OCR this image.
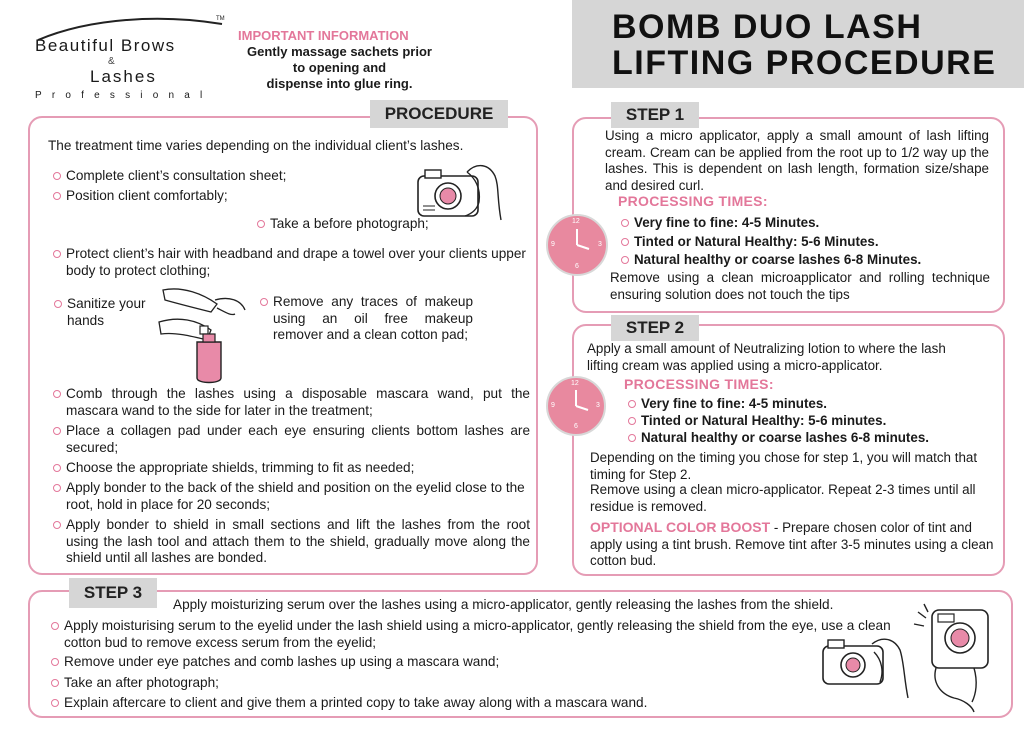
TM
Beautiful Brows
&
Lashes
Professional
IMPORTANT INFORMATION
Gently massage sachets prior
to opening and
dispense into glue ring.
BOMB DUO LASH
LIFTING PROCEDURE
PROCEDURE
The treatment time varies depending on the individual client’s lashes.
Complete client’s consultation sheet;
Position client comfortably;
Take a before photograph;
Protect client’s hair with headband and drape a towel over your clients upper body to protect clothing;
Sanitize your hands
Remove any traces of makeup using an oil free makeup remover and a clean cotton pad;
Comb through the lashes using a disposable mascara wand, put the mascara wand to the side for later in the treatment;
Place a collagen pad under each eye ensuring clients bottom lashes are secured;
Choose the appropriate shields, trimming to fit as needed;
Apply bonder to the back of the shield and position on the eyelid close to the root, hold in place for 20 seconds;
Apply bonder to shield in small sections and lift the lashes from the root using the lash tool and attach them to the shield, gradually move along the shield until all lashes are bonded.
STEP 1
Using a micro applicator, apply a small amount of lash lifting cream. Cream can be applied from the root up to 1/2 way up the lashes. This is dependent on lash length, formation size/shape and desired curl.
PROCESSING TIMES:
Very fine to fine: 4-5 Minutes.
Tinted or Natural Healthy: 5-6 Minutes.
Natural healthy or coarse lashes 6-8 Minutes.
Remove using a clean microapplicator and rolling technique ensuring solution does not touch the tips
12
3
6
9
STEP 2
Apply a small amount of Neutralizing lotion to where the lash lifting cream was applied using a micro-applicator.
PROCESSING TIMES:
Very fine to fine: 4-5 minutes.
Tinted or Natural Healthy: 5-6 minutes.
Natural healthy or coarse lashes 6-8 minutes.
Depending on the timing you chose for step 1, you will match that timing for Step 2.
Remove using a clean micro-applicator. Repeat 2-3 times until all residue is removed.
OPTIONAL COLOR BOOST - Prepare chosen color of tint and apply using a tint brush. Remove tint after 3-5 minutes using a clean cotton bud.
12
3
6
9
STEP 3
Apply moisturizing serum over the lashes using a micro-applicator, gently releasing the lashes from the shield.
Apply moisturising serum to the eyelid under the lash shield using a micro-applicator, gently releasing the shield from the eye, use a clean cotton bud to remove excess serum from the eyelid;
Remove under eye patches and comb lashes up using a mascara wand;
Take an after photograph;
Explain aftercare to client and give them a printed copy to take away along with a mascara wand.
